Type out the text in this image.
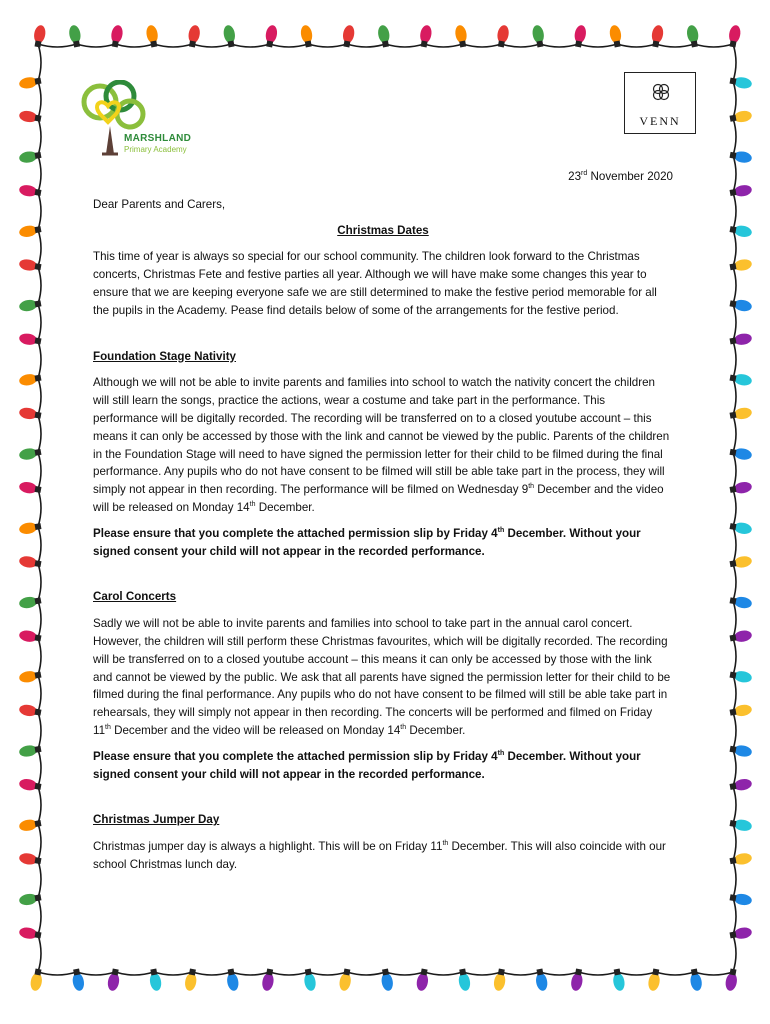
MARSHLAND
Primary Academy
VENN

23rd November 2020

Dear Parents and Carers,

Christmas Dates

This time of year is always so special for our school community. The children look forward to the Christmas concerts, Christmas Fete and festive parties all year. Although we will have make some changes this year to ensure that we are keeping everyone safe we are still determined to make the festive period memorable for all the pupils in the Academy. Pease find details below of some of the arrangements for the festive period.

Foundation Stage Nativity

Although we will not be able to invite parents and families into school to watch the nativity concert the children will still learn the songs, practice the actions, wear a costume and take part in the performance. This performance will be digitally recorded. The recording will be transferred on to a closed youtube account – this means it can only be accessed by those with the link and cannot be viewed by the public. Parents of the children in the Foundation Stage will need to have signed the permission letter for their child to be filmed during the final performance. Any pupils who do not have consent to be filmed will still be able take part in the process, they will simply not appear in then recording. The performance will be filmed on Wednesday 9th December and the video will be released on Monday 14th December.

Please ensure that you complete the attached permission slip by Friday 4th December. Without your signed consent your child will not appear in the recorded performance.

Carol Concerts

Sadly we will not be able to invite parents and families into school to take part in the annual carol concert. However, the children will still perform these Christmas favourites, which will be digitally recorded. The recording will be transferred on to a closed youtube account – this means it can only be accessed by those with the link and cannot be viewed by the public. We ask that all parents have signed the permission letter for their child to be filmed during the final performance. Any pupils who do not have consent to be filmed will still be able take part in rehearsals, they will simply not appear in then recording. The concerts will be performed and filmed on Friday 11th December and the video will be released on Monday 14th December.

Please ensure that you complete the attached permission slip by Friday 4th December. Without your signed consent your child will not appear in the recorded performance.

Christmas Jumper Day

Christmas jumper day is always a highlight. This will be on Friday 11th December. This will also coincide with our school Christmas lunch day.
